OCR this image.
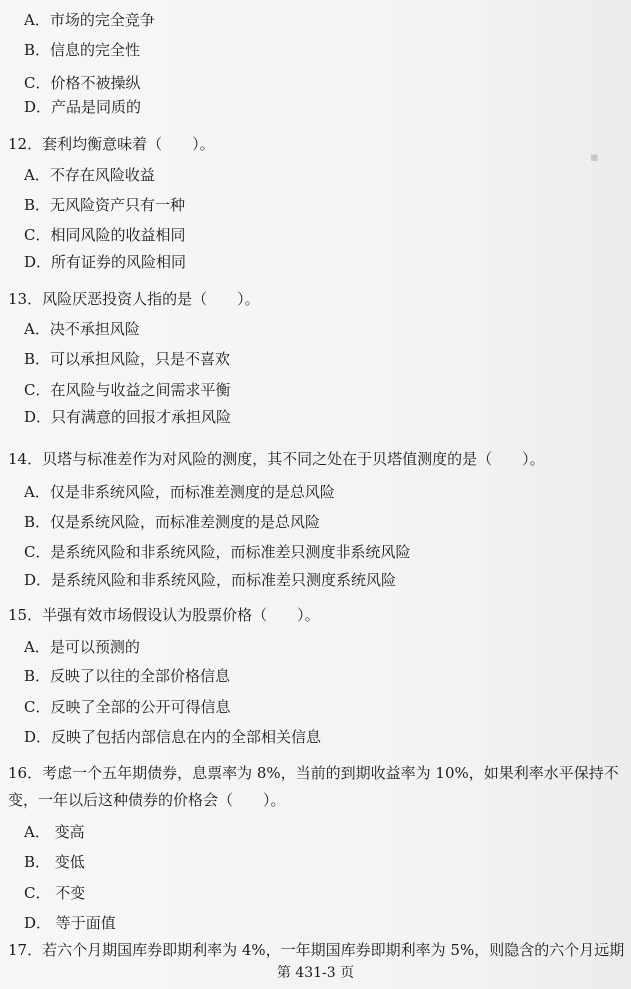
▪
A．市场的完全竞争
B．信息的完全性
C．价格不被操纵
D．产品是同质的
12．套利均衡意味着（　　）。
A．不存在风险收益
B．无风险资产只有一种
C．相同风险的收益相同
D．所有证券的风险相同
13．风险厌恶投资人指的是（　　）。
A．决不承担风险
B．可以承担风险，只是不喜欢
C．在风险与收益之间需求平衡
D．只有满意的回报才承担风险
14．贝塔与标准差作为对风险的测度，其不同之处在于贝塔值测度的是（　　）。
A．仅是非系统风险，而标准差测度的是总风险
B．仅是系统风险，而标准差测度的是总风险
C．是系统风险和非系统风险，而标准差只测度非系统风险
D．是系统风险和非系统风险，而标准差只测度系统风险
15．半强有效市场假设认为股票价格（　　）。
A．是可以预测的
B．反映了以往的全部价格信息
C．反映了全部的公开可得信息
D．反映了包括内部信息在内的全部相关信息
16．考虑一个五年期债券，息票率为 8%，当前的到期收益率为 10%，如果利率水平保持不
变，一年以后这种债券的价格会（　　）。
A． 变高
B． 变低
C． 不变
D． 等于面值
17．若六个月期国库券即期利率为 4%，一年期国库券即期利率为 5%，则隐含的六个月远期
第 431-3 页
